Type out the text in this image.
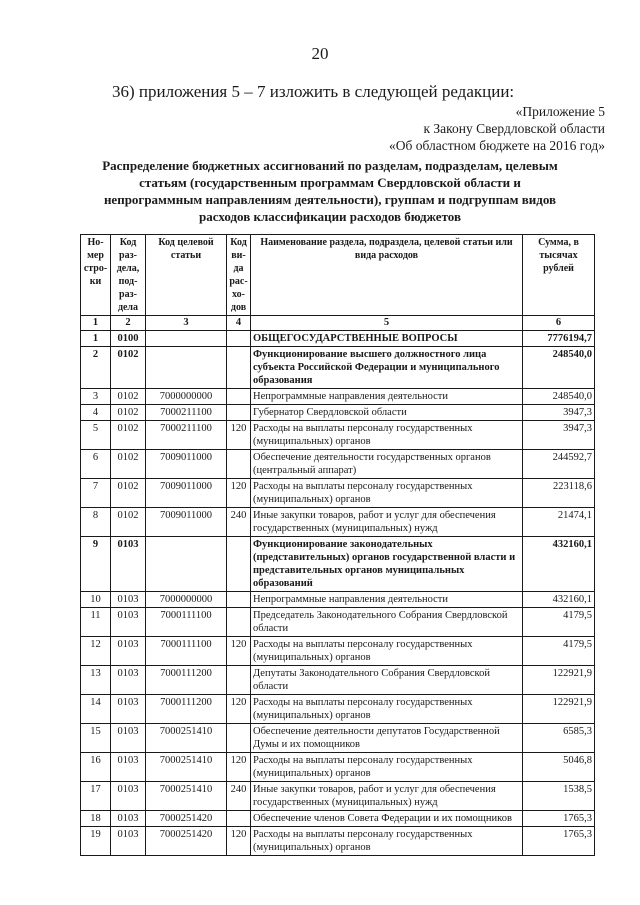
20
36) приложения 5 – 7 изложить в следующей редакции:
«Приложение 5
к Закону Свердловской области
«Об областном бюджете на 2016 год»
Распределение бюджетных ассигнований по разделам, подразделам, целевым статьям (государственным программам Свердловской области и непрограммным направлениям деятельности), группам и подгруппам видов расходов классификации расходов бюджетов
Но-мер стро-ки	Код раз-дела, под-раз-дела	Код целевой статьи	Код ви-да рас-хо-дов	Наименование раздела, подраздела, целевой статьи или вида расходов	Сумма, в тысячах рублей
1	2	3	4	5	6
1	0100			ОБЩЕГОСУДАРСТВЕННЫЕ ВОПРОСЫ	7776194,7
2	0102			Функционирование высшего должностного лица субъекта Российской Федерации и муниципального образования	248540,0
3	0102	7000000000		Непрограммные направления деятельности	248540,0
4	0102	7000211100		Губернатор Свердловской области	3947,3
5	0102	7000211100	120	Расходы на выплаты персоналу государственных (муниципальных) органов	3947,3
6	0102	7009011000		Обеспечение деятельности государственных органов (центральный аппарат)	244592,7
7	0102	7009011000	120	Расходы на выплаты персоналу государственных (муниципальных) органов	223118,6
8	0102	7009011000	240	Иные закупки товаров, работ и услуг для обеспечения государственных (муниципальных) нужд	21474,1
9	0103			Функционирование законодательных (представительных) органов государственной власти и представительных органов муниципальных образований	432160,1
10	0103	7000000000		Непрограммные направления деятельности	432160,1
11	0103	7000111100		Председатель Законодательного Собрания Свердловской области	4179,5
12	0103	7000111100	120	Расходы на выплаты персоналу государственных (муниципальных) органов	4179,5
13	0103	7000111200		Депутаты Законодательного Собрания Свердловской области	122921,9
14	0103	7000111200	120	Расходы на выплаты персоналу государственных (муниципальных) органов	122921,9
15	0103	7000251410		Обеспечение деятельности депутатов Государственной Думы и их помощников	6585,3
16	0103	7000251410	120	Расходы на выплаты персоналу государственных (муниципальных) органов	5046,8
17	0103	7000251410	240	Иные закупки товаров, работ и услуг для обеспечения государственных (муниципальных) нужд	1538,5
18	0103	7000251420		Обеспечение членов Совета Федерации и их помощников	1765,3
19	0103	7000251420	120	Расходы на выплаты персоналу государственных (муниципальных) органов	1765,3
